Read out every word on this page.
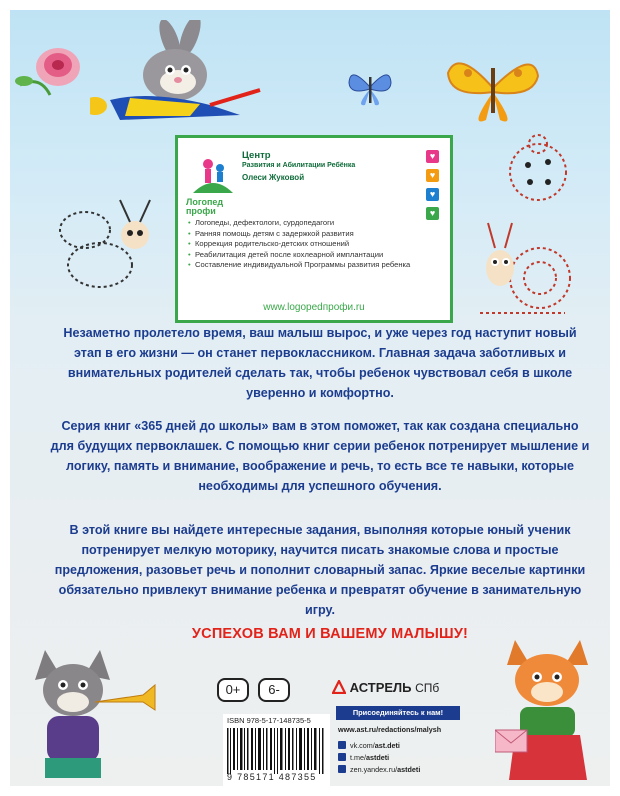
Логопед
профи
Центр
Развития и Абилитации Ребёнка
Олеси Жуковой
♥
♥
♥
♥
• Логопеды, дефектологи, сурдопедагоги
• Ранняя помощь детям с задержкой развития
• Коррекция родительско-детских отношений
• Реабилитация детей после кохлеарной имплантации
• Составление индивидуальной Программы развития ребенка
www.logopedпрофи.ru

Незаметно пролетело время, ваш малыш вырос, и уже через год наступит новый этап в его жизни — он станет первоклассником. Главная задача заботливых и внимательных родителей сделать так, чтобы ребенок чувствовал себя в школе уверенно и комфортно.

Серия книг «365 дней до школы» вам в этом поможет, так как создана специально для будущих первоклашек. С помощью книг серии ребенок потренирует мышление и логику, память и внимание, воображение и речь, то есть все те навыки, которые необходимы для успешного обучения.

В этой книге вы найдете интересные задания, выполняя которые юный ученик потренирует мелкую моторику, научится писать знакомые слова и простые предложения, разовьет речь и пополнит словарный запас. Яркие веселые картинки обязательно привлекут внимание ребенка и превратят обучение в занимательную игру.

УСПЕХОВ ВАМ И ВАШЕМУ МАЛЫШУ!
0+	6-
ISBN 978-5-17-148735-5
9 785171 487355
АСТРЕЛЬ СПб
Присоединяйтесь к нам!
www.ast.ru/redactions/malysh
vk.com/ast.deti
t.me/astdeti
zen.yandex.ru/astdeti
